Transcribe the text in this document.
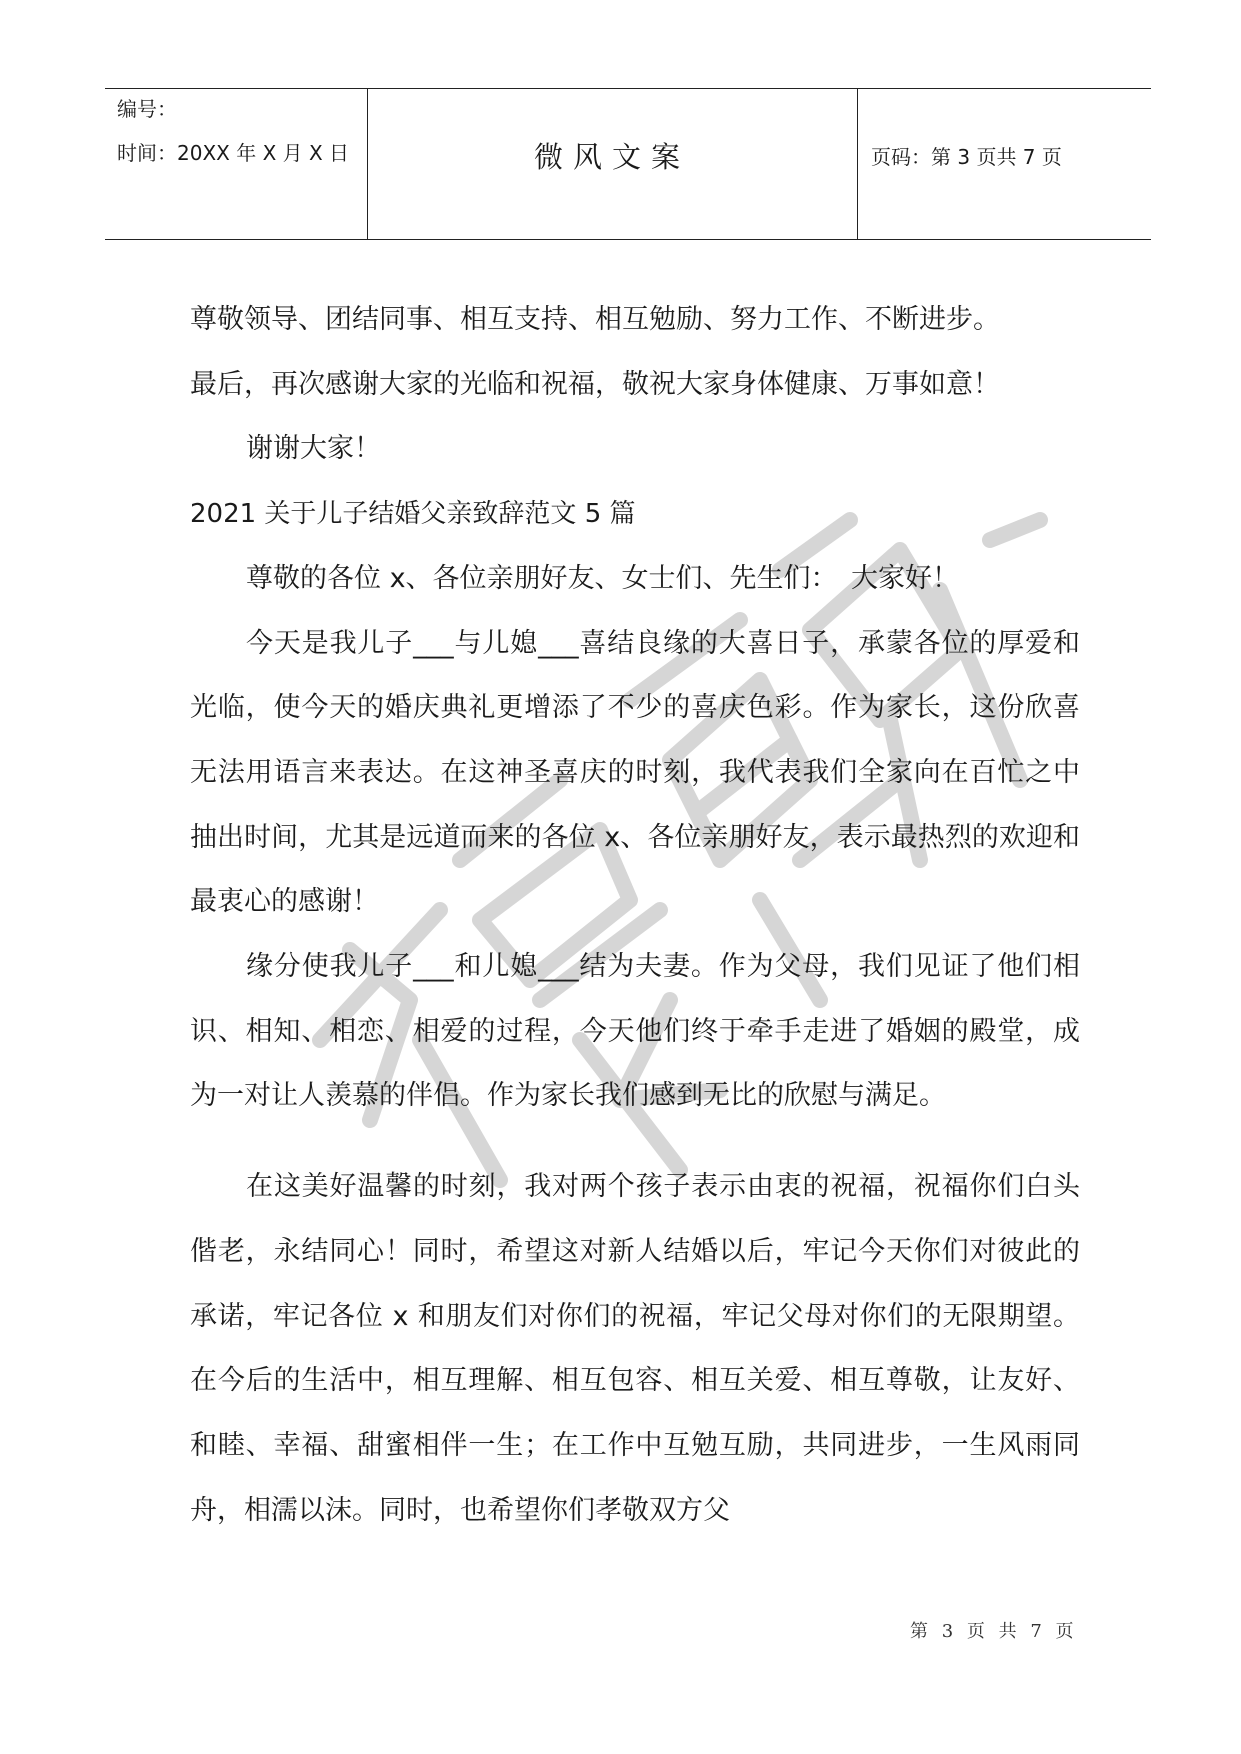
编号：
时间：20XX 年 X 月 X 日	微风文案	页码：第 3 页共 7 页

尊敬领导、团结同事、相互支持、相互勉励、努力工作、不断进步。

最后，再次感谢大家的光临和祝福，敬祝大家身体健康、万事如意！

谢谢大家！

2021 关于儿子结婚父亲致辞范文 5 篇

尊敬的各位 x、各位亲朋好友、女士们、先生们：　大家好！

今天是我儿子___与儿媳___喜结良缘的大喜日子，承蒙各位的厚爱和光临，使今天的婚庆典礼更增添了不少的喜庆色彩。作为家长，这份欣喜无法用语言来表达。在这神圣喜庆的时刻，我代表我们全家向在百忙之中抽出时间，尤其是远道而来的各位 x、各位亲朋好友，表示最热烈的欢迎和最衷心的感谢！

缘分使我儿子___和儿媳___结为夫妻。作为父母，我们见证了他们相识、相知、相恋、相爱的过程，今天他们终于牵手走进了婚姻的殿堂，成为一对让人羡慕的伴侣。作为家长我们感到无比的欣慰与满足。

在这美好温馨的时刻，我对两个孩子表示由衷的祝福，祝福你们白头偕老，永结同心！同时，希望这对新人结婚以后，牢记今天你们对彼此的承诺，牢记各位 x 和朋友们对你们的祝福，牢记父母对你们的无限期望。在今后的生活中，相互理解、相互包容、相互关爱、相互尊敬，让友好、和睦、幸福、甜蜜相伴一生；在工作中互勉互励，共同进步，一生风雨同舟，相濡以沫。同时，也希望你们孝敬双方父

第 3 页 共 7 页
